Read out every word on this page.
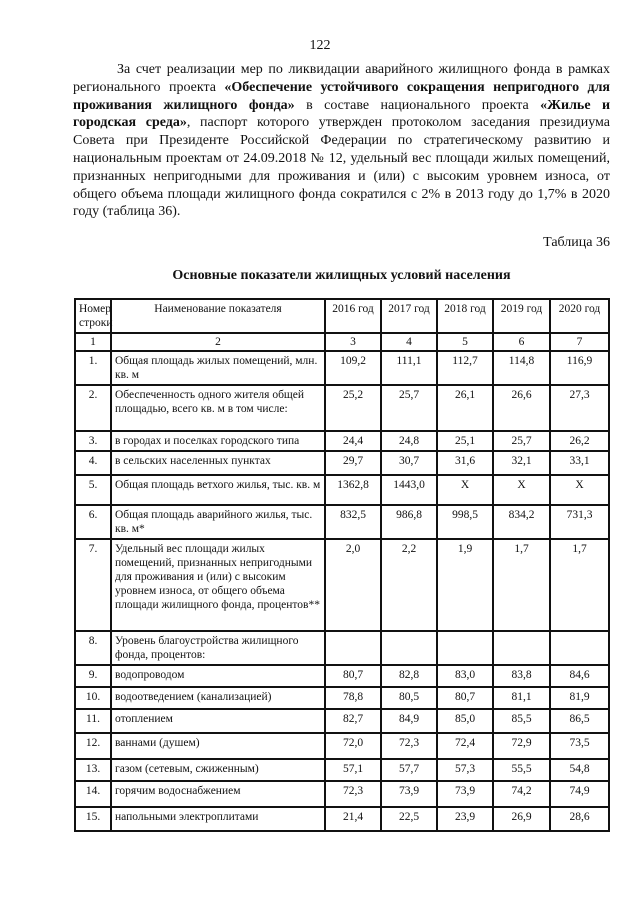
122

За счет реализации мер по ликвидации аварийного жилищного фонда в рамках регионального проекта «Обеспечение устойчивого сокращения непригодного для проживания жилищного фонда» в составе национального проекта «Жилье и городская среда», паспорт которого утвержден протоколом заседания президиума Совета при Президенте Российской Федерации по стратегическому развитию и национальным проектам от 24.09.2018 № 12, удельный вес площади жилых помещений, признанных непригодными для проживания и (или) с высоким уровнем износа, от общего объема площади жилищного фонда сократился с 2% в 2013 году до 1,7% в 2020 году (таблица 36).

Таблица 36
Основные показатели жилищных условий населения
Номер строки	Наименование показателя	2016 год	2017 год	2018 год	2019 год	2020 год
1	2	3	4	5	6	7
1.	Общая площадь жилых помещений, млн. кв. м	109,2	111,1	112,7	114,8	116,9
2.	Обеспеченность одного жителя общей площадью, всего кв. м в том числе:	25,2	25,7	26,1	26,6	27,3
3.	в городах и поселках городского типа	24,4	24,8	25,1	25,7	26,2
4.	в сельских населенных пунктах	29,7	30,7	31,6	32,1	33,1
5.	Общая площадь ветхого жилья, тыс. кв. м	1362,8	1443,0	Х	Х	Х
6.	Общая площадь аварийного жилья, тыс. кв. м*	832,5	986,8	998,5	834,2	731,3
7.	Удельный вес площади жилых помещений, признанных непригодными для проживания и (или) с высоким уровнем износа, от общего объема площади жилищного фонда, процентов**	2,0	2,2	1,9	1,7	1,7
8.	Уровень благоустройства жилищного фонда, процентов:					
9.	водопроводом	80,7	82,8	83,0	83,8	84,6
10.	водоотведением (канализацией)	78,8	80,5	80,7	81,1	81,9
11.	отоплением	82,7	84,9	85,0	85,5	86,5
12.	ваннами (душем)	72,0	72,3	72,4	72,9	73,5
13.	газом (сетевым, сжиженным)	57,1	57,7	57,3	55,5	54,8
14.	горячим водоснабжением	72,3	73,9	73,9	74,2	74,9
15.	напольными электроплитами	21,4	22,5	23,9	26,9	28,6
